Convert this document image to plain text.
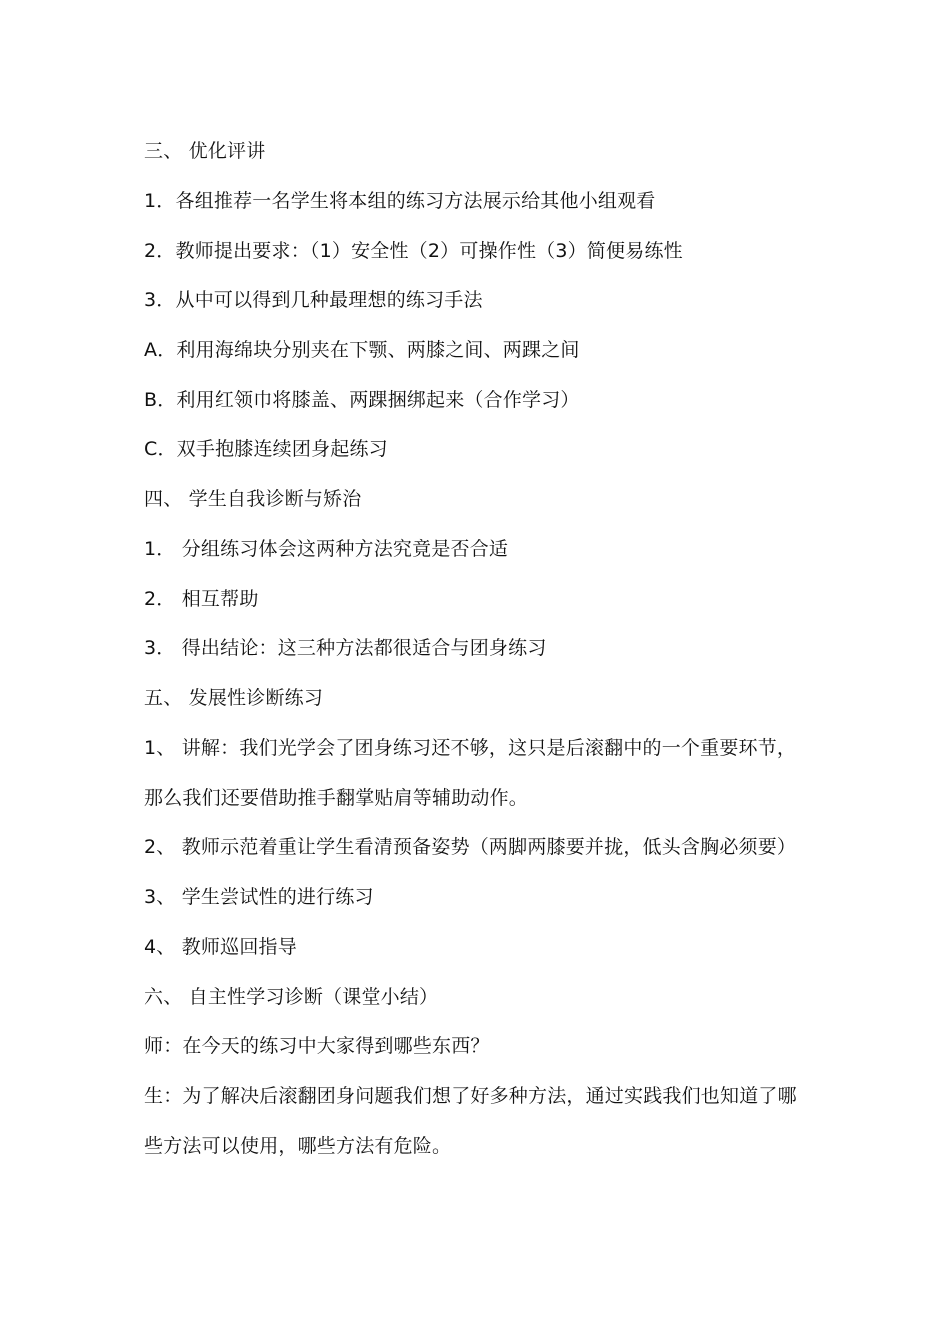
三、 优化评讲
1．各组推荐一名学生将本组的练习方法展示给其他小组观看
2．教师提出要求：（1）安全性（2）可操作性（3）简便易练性
3．从中可以得到几种最理想的练习手法
A．利用海绵块分别夹在下颚、两膝之间、两踝之间
B．利用红领巾将膝盖、两踝捆绑起来（合作学习）
C．双手抱膝连续团身起练习
四、 学生自我诊断与矫治
1． 分组练习体会这两种方法究竟是否合适
2． 相互帮助
3． 得出结论：这三种方法都很适合与团身练习
五、 发展性诊断练习
1、 讲解：我们光学会了团身练习还不够，这只是后滚翻中的一个重要环节，
那么我们还要借助推手翻掌贴肩等辅助动作。
2、 教师示范着重让学生看清预备姿势（两脚两膝要并拢，低头含胸必须要）
3、 学生尝试性的进行练习
4、 教师巡回指导
六、 自主性学习诊断（课堂小结）
师：在今天的练习中大家得到哪些东西？
生：为了解决后滚翻团身问题我们想了好多种方法，通过实践我们也知道了哪
些方法可以使用，哪些方法有危险。
